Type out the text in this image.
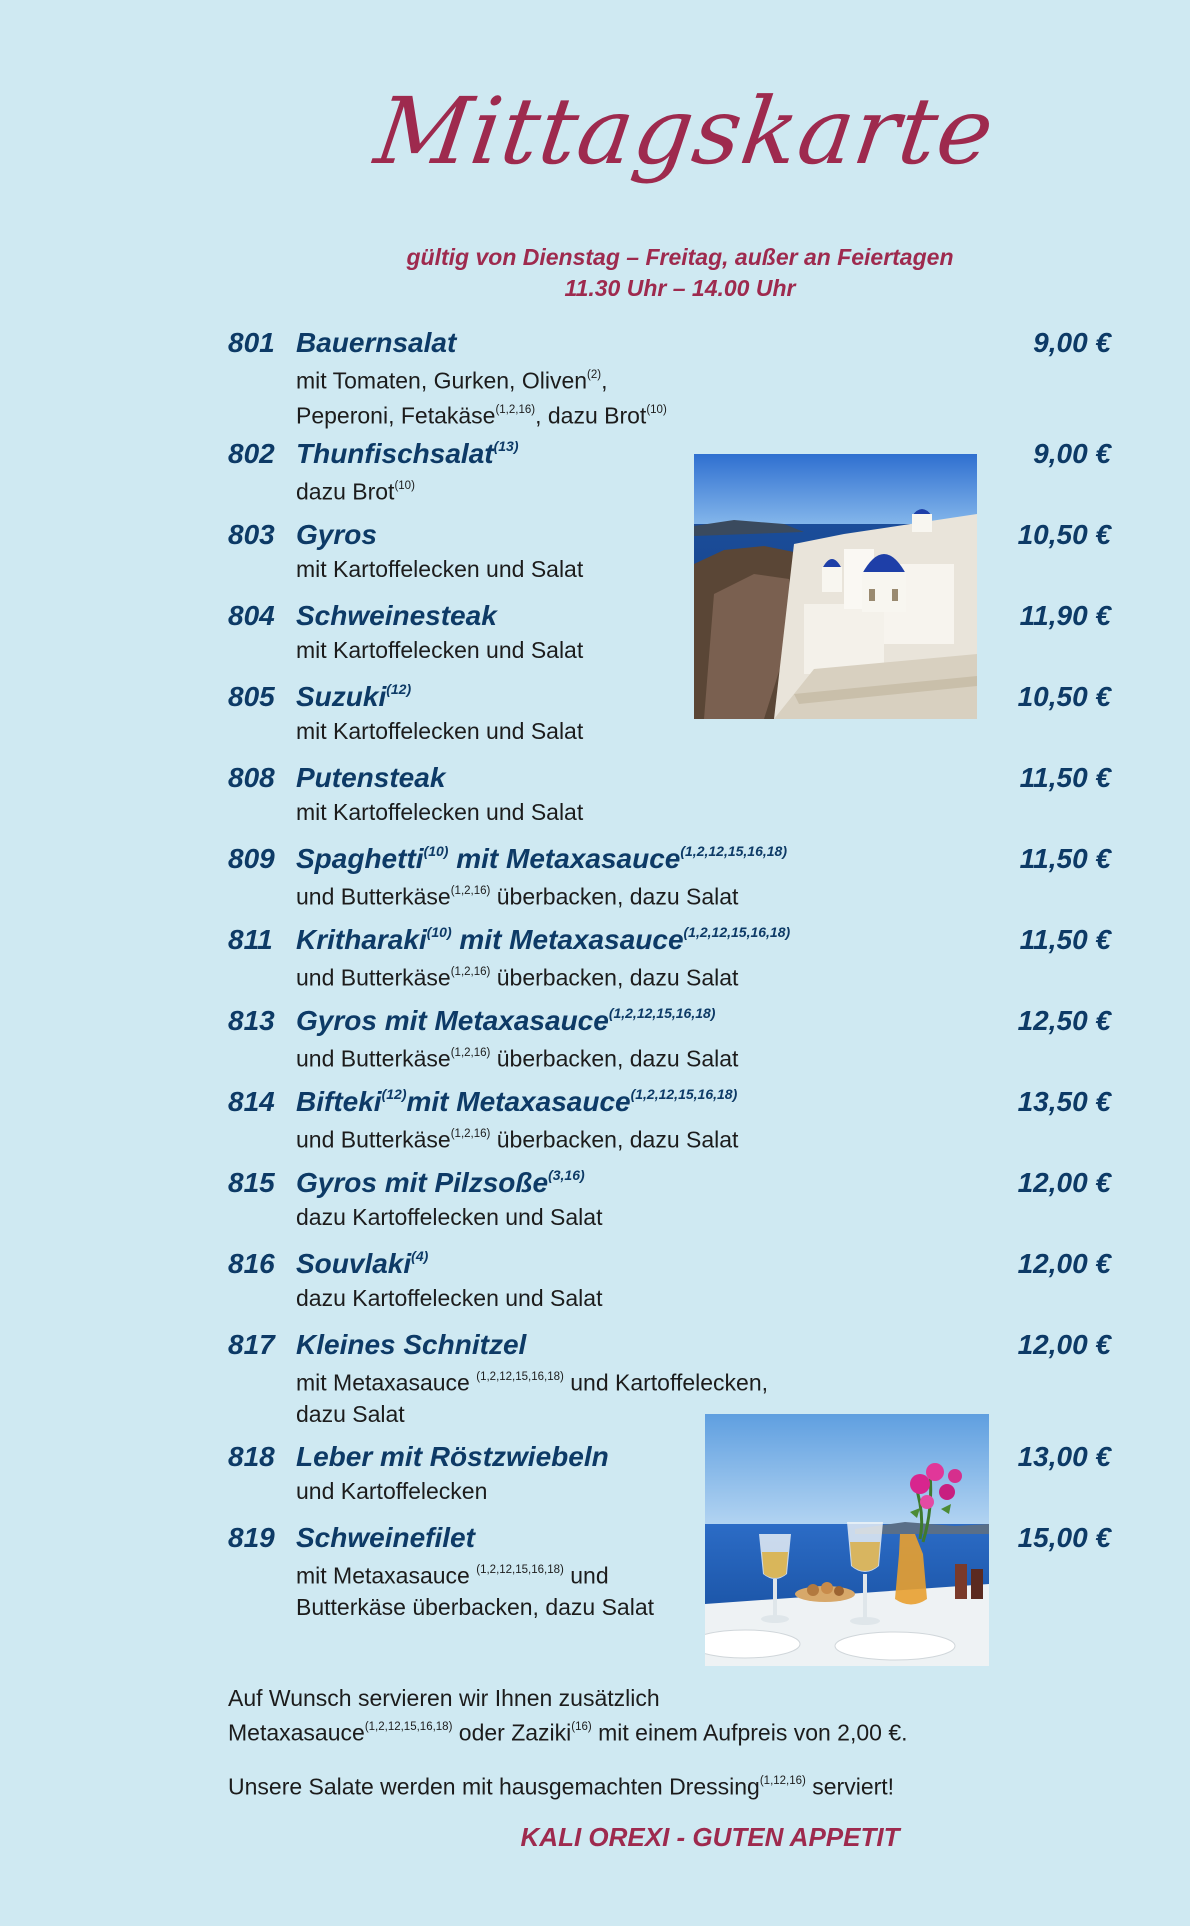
Mittagskarte
gültig von Dienstag – Freitag, außer an Feiertagen
11.30 Uhr – 14.00 Uhr
801 Bauernsalat	9,00 €
mit Tomaten, Gurken, Oliven$^{(2)}$,
Peperoni, Fetakäse$^{(1,2,16)}$, dazu Brot$^{(10)}$
802 Thunfischsalat$^{(13)}$	9,00 €
dazu Brot$^{(10)}$
803 Gyros	10,50 €
mit Kartoffelecken und Salat
804 Schweinesteak	11,90 €
mit Kartoffelecken und Salat
805 Suzuki$^{(12)}$	10,50 €
mit Kartoffelecken und Salat
808 Putensteak	11,50 €
mit Kartoffelecken und Salat
809 Spaghetti$^{(10)}$ mit Metaxasauce$^{(1,2,12,15,16,18)}$	11,50 €
und Butterkäse$^{(1,2,16)}$ überbacken, dazu Salat
811 Kritharaki$^{(10)}$ mit Metaxasauce$^{(1,2,12,15,16,18)}$	11,50 €
und Butterkäse$^{(1,2,16)}$ überbacken, dazu Salat
813 Gyros mit Metaxasauce$^{(1,2,12,15,16,18)}$	12,50 €
und Butterkäse$^{(1,2,16)}$ überbacken, dazu Salat
814 Bifteki$^{(12)}$mit Metaxasauce$^{(1,2,12,15,16,18)}$	13,50 €
und Butterkäse$^{(1,2,16)}$ überbacken, dazu Salat
815 Gyros mit Pilzsoße$^{(3,16)}$	12,00 €
dazu Kartoffelecken und Salat
816 Souvlaki$^{(4)}$	12,00 €
dazu Kartoffelecken und Salat
817 Kleines Schnitzel	12,00 €
mit Metaxasauce $^{(1,2,12,15,16,18)}$ und Kartoffelecken,
dazu Salat
818 Leber mit Röstzwiebeln	13,00 €
und Kartoffelecken
819 Schweinefilet	15,00 €
mit Metaxasauce $^{(1,2,12,15,16,18)}$ und
Butterkäse überbacken, dazu Salat
Auf Wunsch servieren wir Ihnen zusätzlich
Metaxasauce$^{(1,2,12,15,16,18)}$ oder Zaziki$^{(16)}$ mit einem Aufpreis von 2,00 €.
Unsere Salate werden mit hausgemachten Dressing$^{(1,12,16)}$ serviert!
KALI OREXI - GUTEN APPETIT
